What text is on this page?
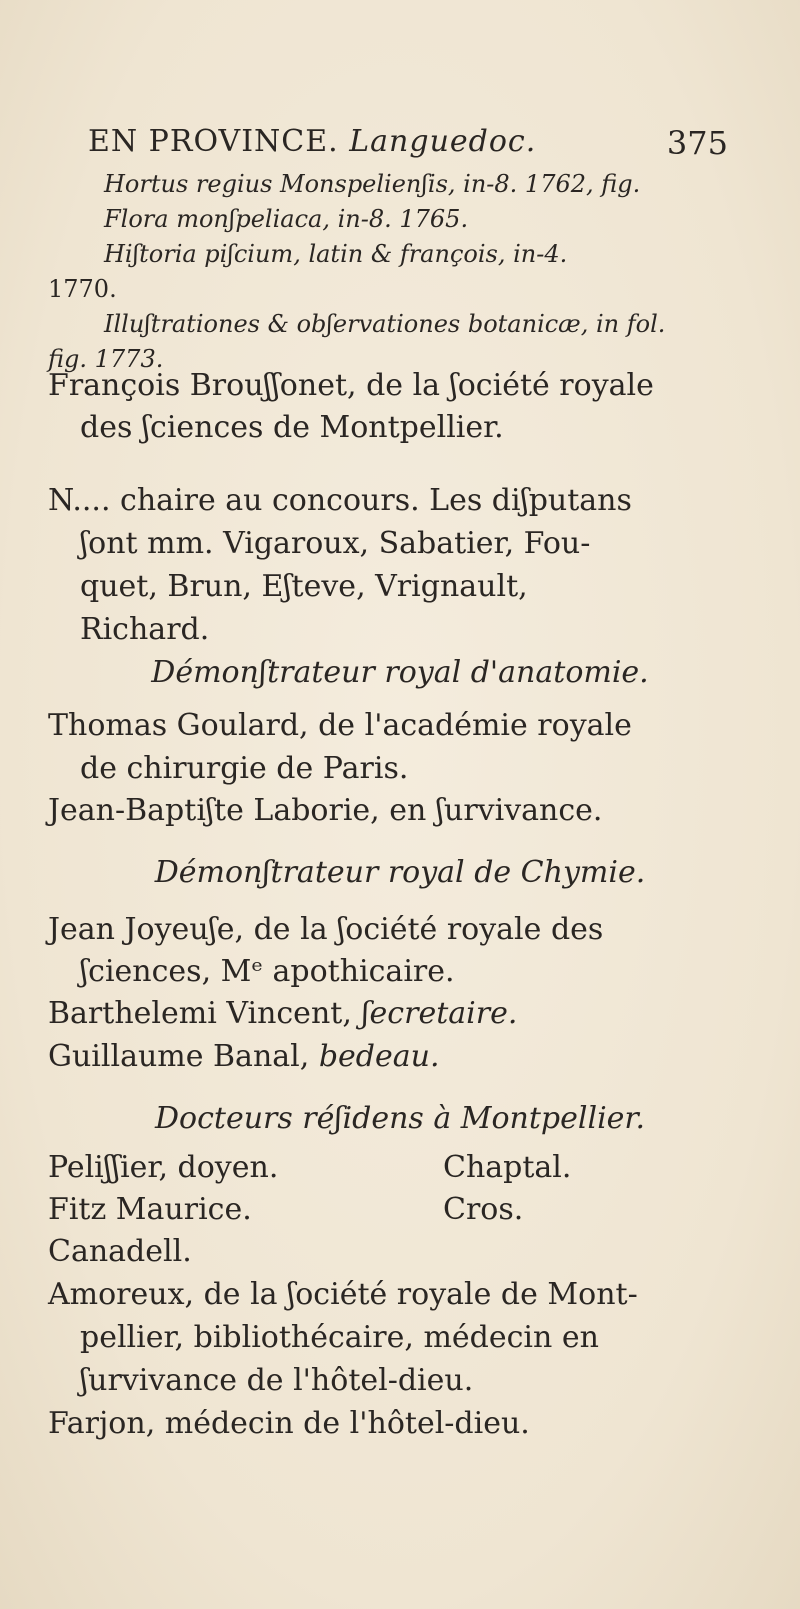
EN PROVINCE. Languedoc.	375
Hortus regius Monspelienʃis, in-8. 1762, fig.
Flora monʃpeliaca, in-8. 1765.
Hiʃtoria piʃcium, latin & françois, in-4.
1770.
Illuʃtrationes & obʃervationes botanicæ, in fol.
fig. 1773.
François Brouʃʃonet, de la ʃociété royale
des ʃciences de Montpellier.
N.... chaire au concours. Les diʃputans
ʃont mm. Vigaroux, Sabatier, Fou-
quet, Brun, Eʃteve, Vrignault,
Richard.
Démonʃtrateur royal d'anatomie.
Thomas Goulard, de l'académie royale
de chirurgie de Paris.
Jean-Baptiʃte Laborie, en ʃurvivance.
Démonʃtrateur royal de Chymie.
Jean Joyeuʃe, de la ʃociété royale des
ʃciences, Mᵉ apothicaire.
Barthelemi Vincent, ʃecretaire.
Guillaume Banal, bedeau.
Docteurs réʃidens à Montpellier.
Peliʃʃier, doyen.	Chaptal.
Fitz Maurice.	Cros.
Canadell.
Amoreux, de la ʃociété royale de Mont-
pellier, bibliothécaire, médecin en
ʃurvivance de l'hôtel-dieu.
Farjon, médecin de l'hôtel-dieu.
